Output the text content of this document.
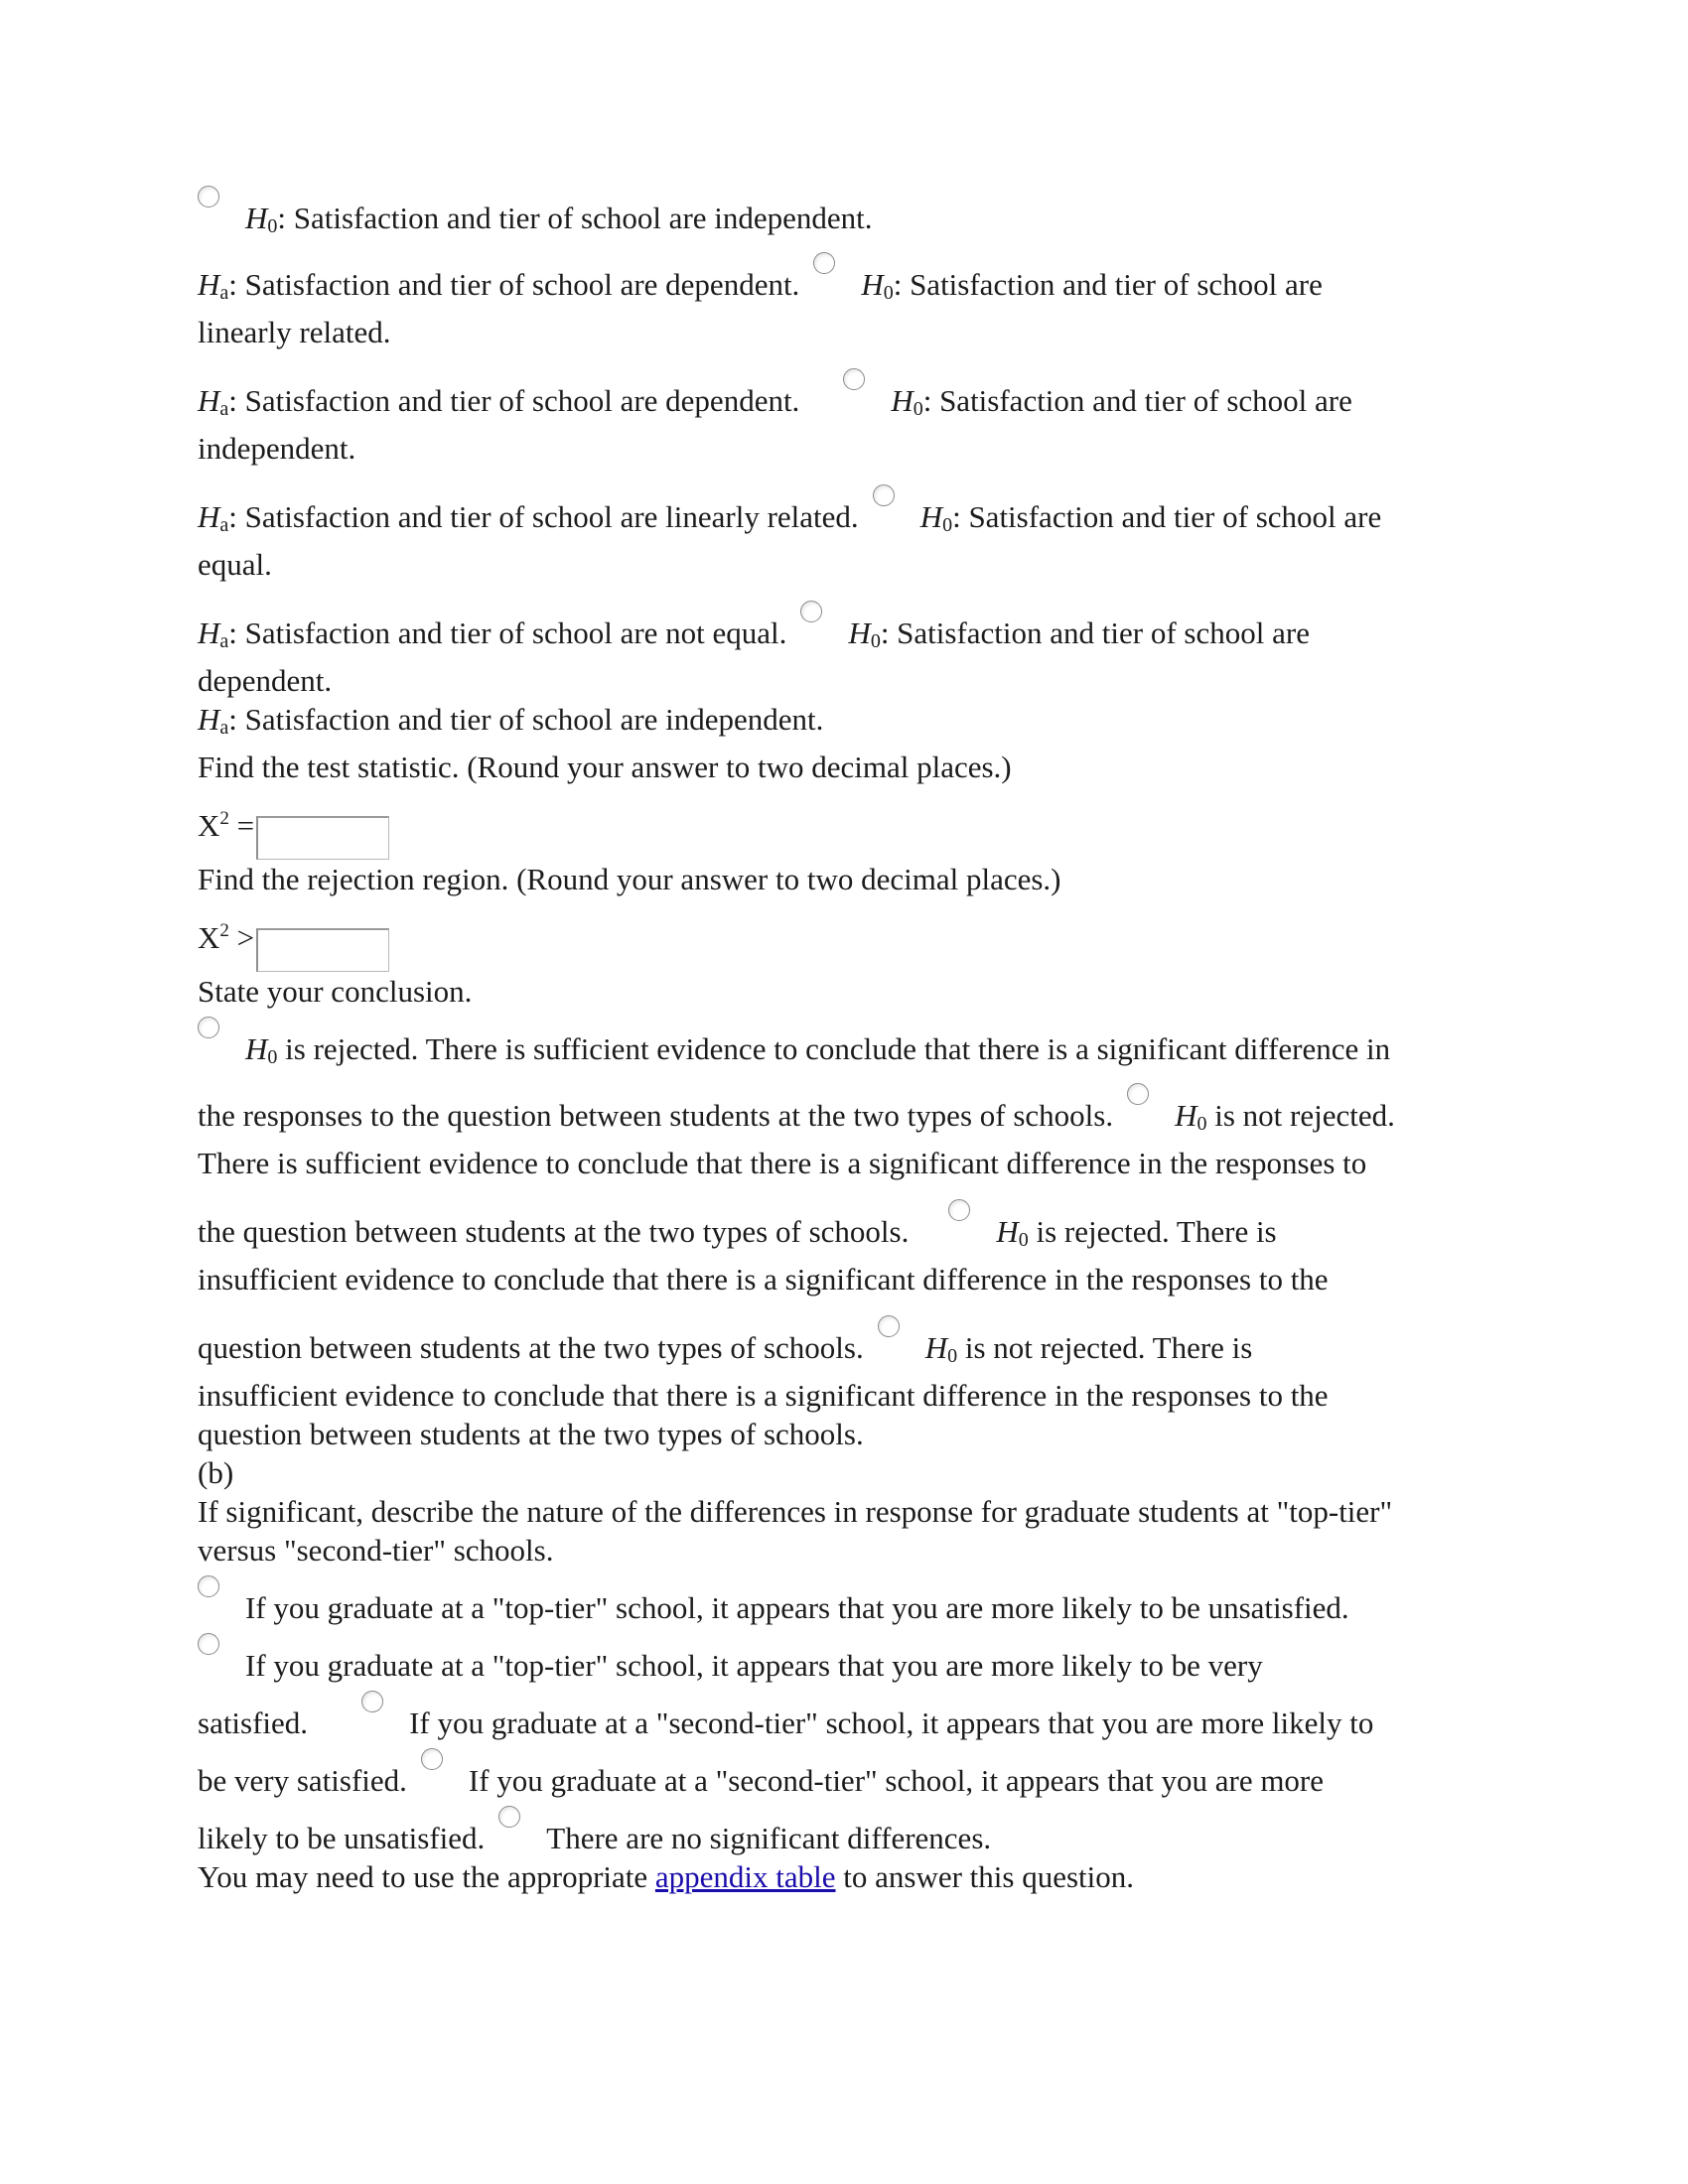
$H_0$: Satisfaction and tier of school are independent.
$H_a$: Satisfaction and tier of school are dependent. $H_0$: Satisfaction and tier of school are
linearly related.
$H_a$: Satisfaction and tier of school are dependent.	$H_0$: Satisfaction and tier of school are
independent.
$H_a$: Satisfaction and tier of school are linearly related. $H_0$: Satisfaction and tier of school are
equal.
$H_a$: Satisfaction and tier of school are not equal. $H_0$: Satisfaction and tier of school are
dependent.
$H_a$: Satisfaction and tier of school are independent.
Find the test statistic. (Round your answer to two decimal places.)
$X^2$ =
Find the rejection region. (Round your answer to two decimal places.)
$X^2$ >
State your conclusion.
$H_0$ is rejected. There is sufficient evidence to conclude that there is a significant difference in
the responses to the question between students at the two types of schools. $H_0$ is not rejected.
There is sufficient evidence to conclude that there is a significant difference in the responses to
the question between students at the two types of schools.	$H_0$ is rejected. There is
insufficient evidence to conclude that there is a significant difference in the responses to the
question between students at the two types of schools. $H_0$ is not rejected. There is
insufficient evidence to conclude that there is a significant difference in the responses to the
question between students at the two types of schools.
(b)
If significant, describe the nature of the differences in response for graduate students at "top-tier"
versus "second-tier" schools.
If you graduate at a "top-tier" school, it appears that you are more likely to be unsatisfied.
If you graduate at a "top-tier" school, it appears that you are more likely to be very
satisfied.	If you graduate at a "second-tier" school, it appears that you are more likely to
be very satisfied. If you graduate at a "second-tier" school, it appears that you are more
likely to be unsatisfied. There are no significant differences.
You may need to use the appropriate appendix table to answer this question.
